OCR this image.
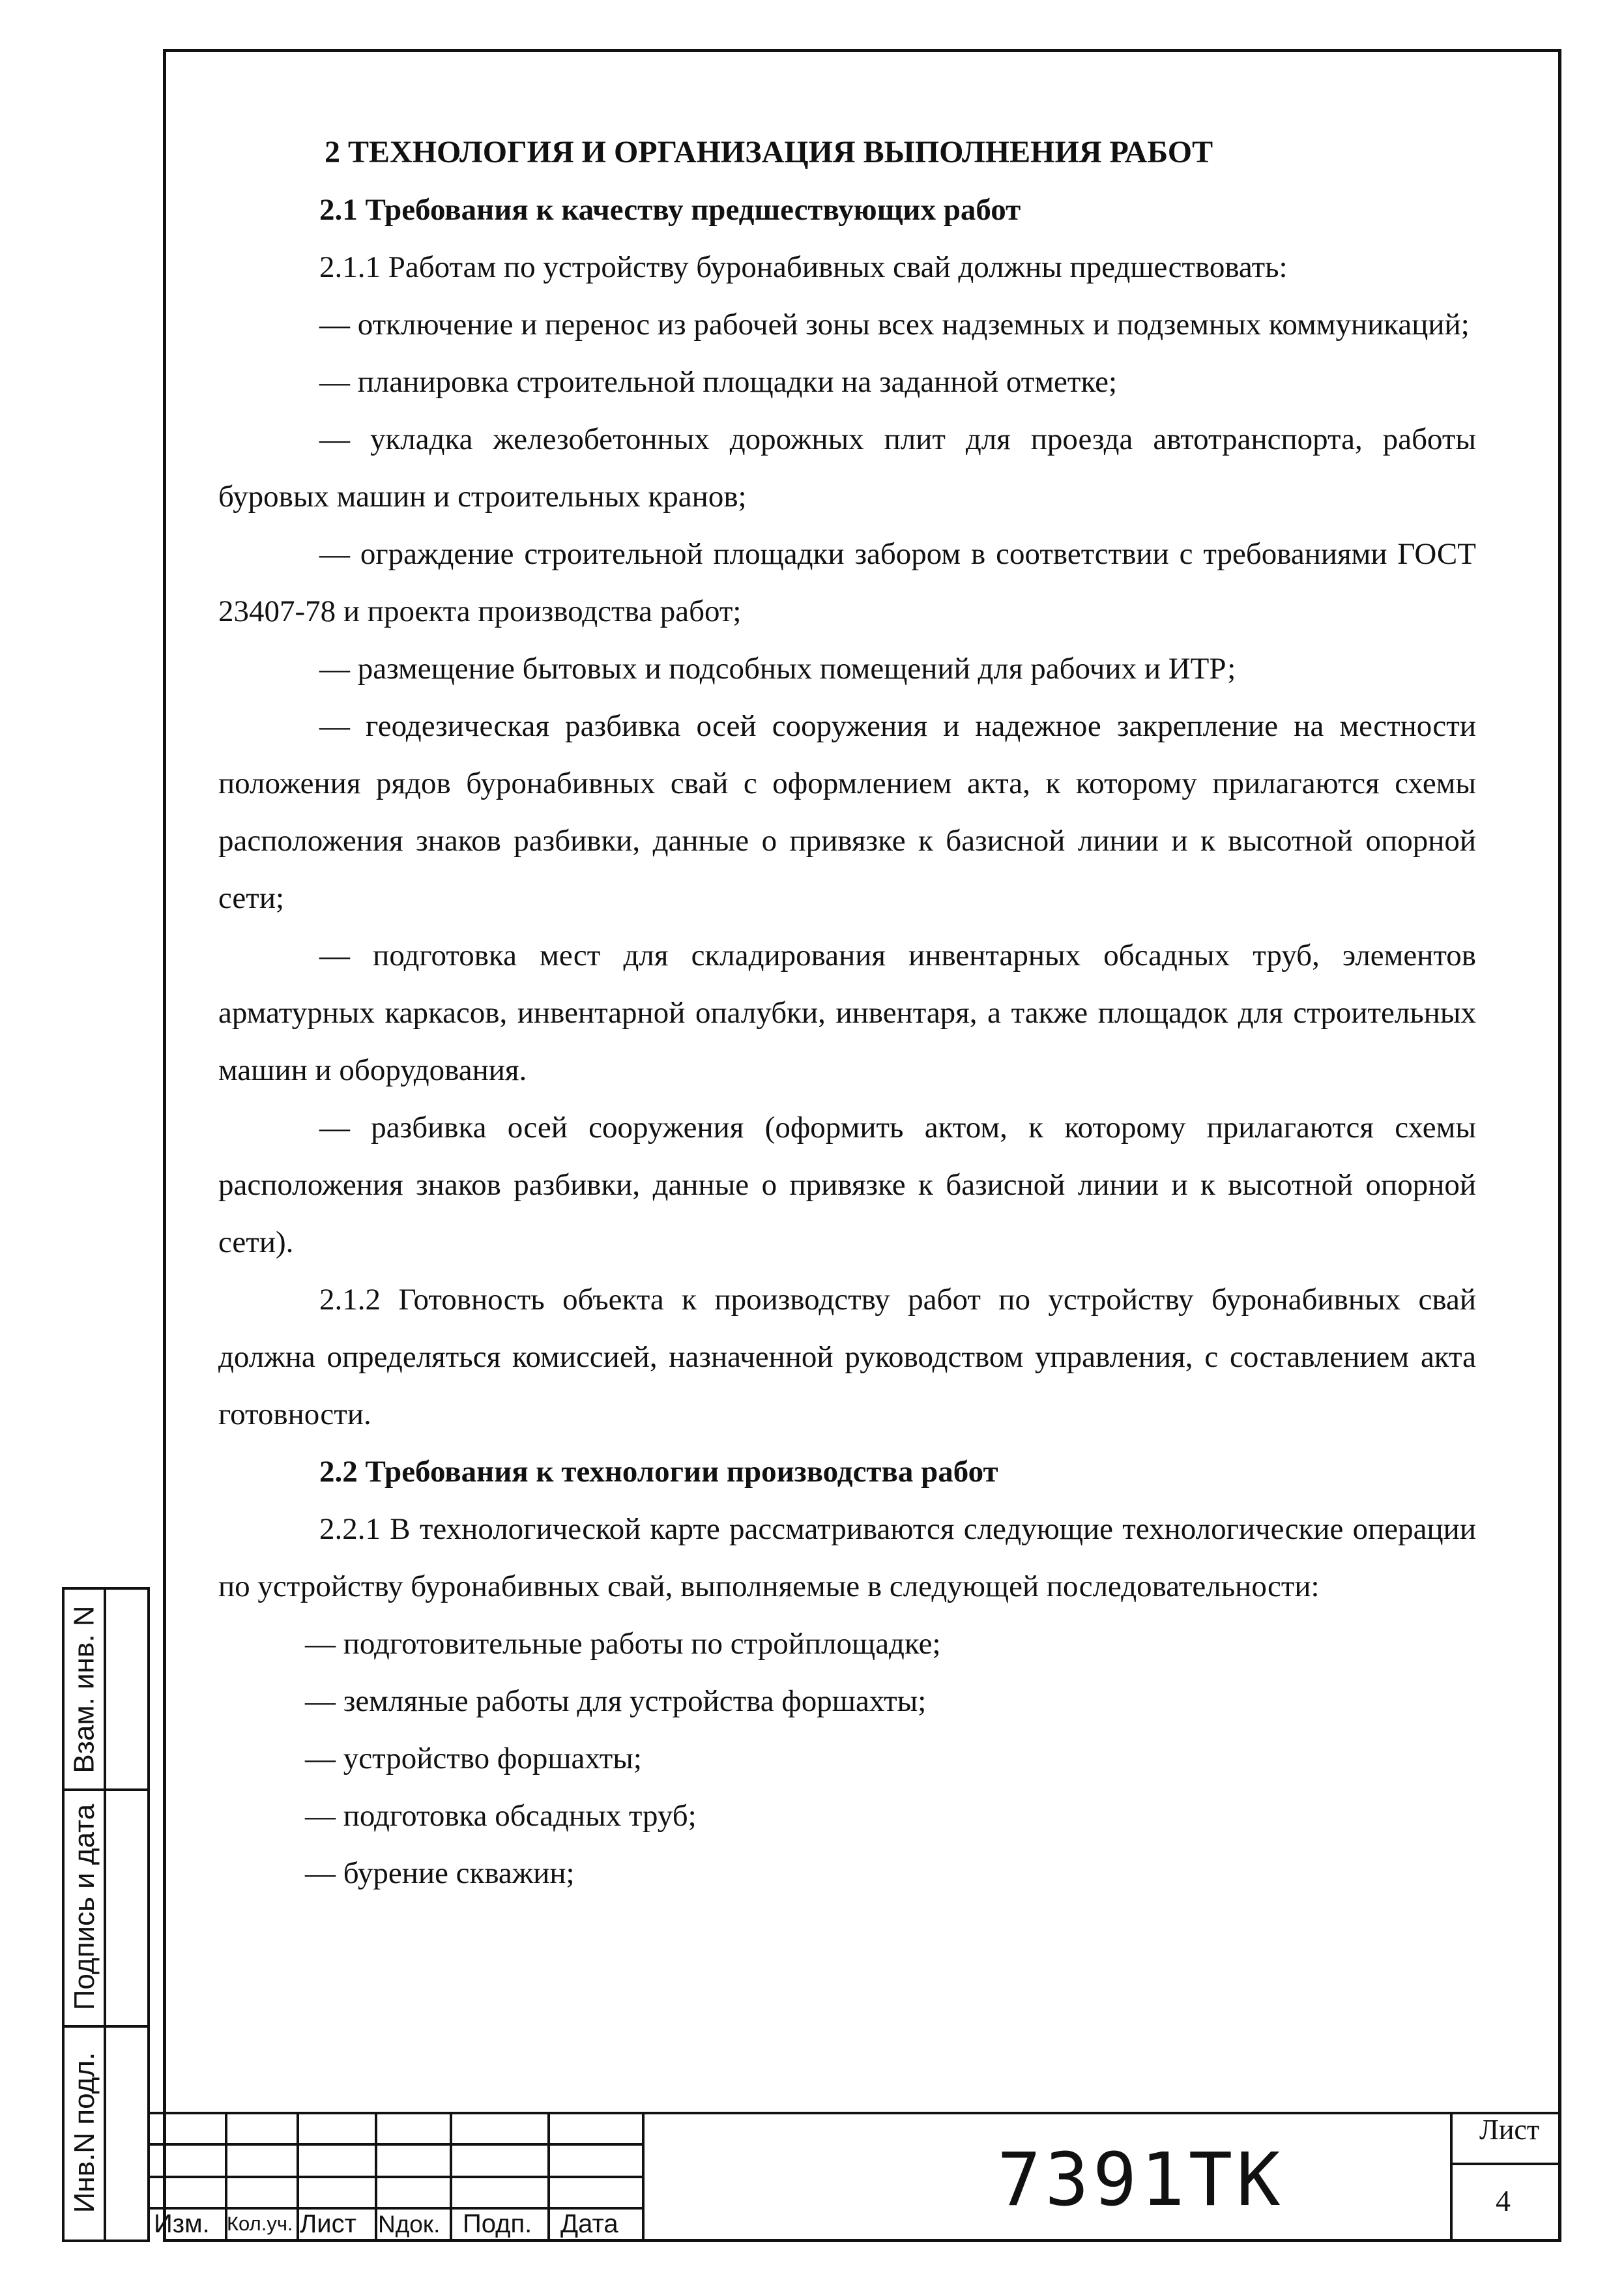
2 ТЕХНОЛОГИЯ И ОРГАНИЗАЦИЯ ВЫПОЛНЕНИЯ РАБОТ

2.1 Требования к качеству предшествующих работ

2.1.1 Работам по устройству буронабивных свай должны предшествовать:

— отключение и перенос из рабочей зоны всех надземных и подземных коммуникаций;

— планировка строительной площадки на заданной отметке;

— укладка железобетонных дорожных плит для проезда автотранспорта, работы буровых машин и строительных кранов;

— ограждение строительной площадки забором в соответствии с требованиями ГОСТ 23407-78 и проекта производства работ;

— размещение бытовых и подсобных помещений для рабочих и ИТР;

— геодезическая разбивка осей сооружения и надежное закрепление на местности положения рядов буронабивных свай с оформлением акта, к которому прилагаются схемы расположения знаков разбивки, данные о привязке к базисной линии и к высотной опорной сети;

— подготовка мест для складирования инвентарных обсадных труб, элементов арматурных каркасов, инвентарной опалубки, инвентаря, а также площадок для строительных машин и оборудования.

— разбивка осей сооружения (оформить актом, к которому прилагаются схемы расположения знаков разбивки, данные о привязке к базисной линии и к высотной опорной сети).

2.1.2 Готовность объекта к производству работ по устройству буронабивных свай должна определяться комиссией, назначенной руководством управления, с составлением акта готовности.

2.2 Требования к технологии производства работ

2.2.1 В технологической карте рассматриваются следующие технологические операции по устройству буронабивных свай, выполняемые в следующей последовательности:

— подготовительные работы по стройплощадке;

— земляные работы для устройства форшахты;

— устройство форшахты;

— подготовка обсадных труб;

— бурение скважин;

Взам. инв. N
Подпись и дата
Инв.N подл.
Изм. Кол.уч. Лист Nдок. Подп. Дата
7391ТК
Лист
4
